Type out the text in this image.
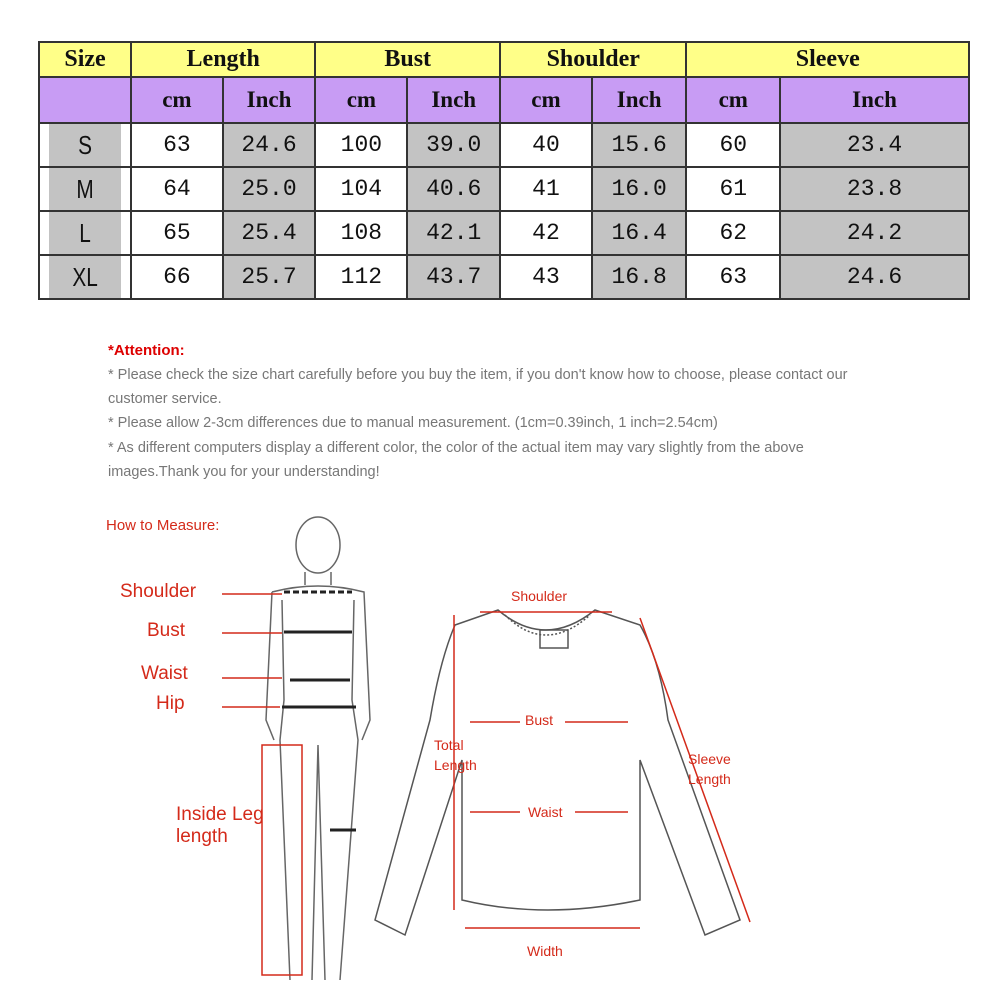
Size	Length		Bust		Shoulder		Sleeve	
	cm	Inch	cm	Inch	cm	Inch	cm	Inch
S	63	24.6	100	39.0	40	15.6	60	23.4
M	64	25.0	104	40.6	41	16.0	61	23.8
L	65	25.4	108	42.1	42	16.4	62	24.2
XL	66	25.7	112	43.7	43	16.8	63	24.6
*Attention:
* Please check the size chart carefully before you buy the item, if you don't know how to choose, please contact our customer service.
* Please allow 2-3cm differences due to manual measurement. (1cm=0.39inch, 1 inch=2.54cm)
* As different computers display a different color, the color of the actual item may vary slightly from the above images.Thank you for your understanding!
How to Measure:
Shoulder
Bust
Waist
Hip
Inside Leg length
Shoulder
Bust
Total Length
Waist
Sleeve Length
Width
